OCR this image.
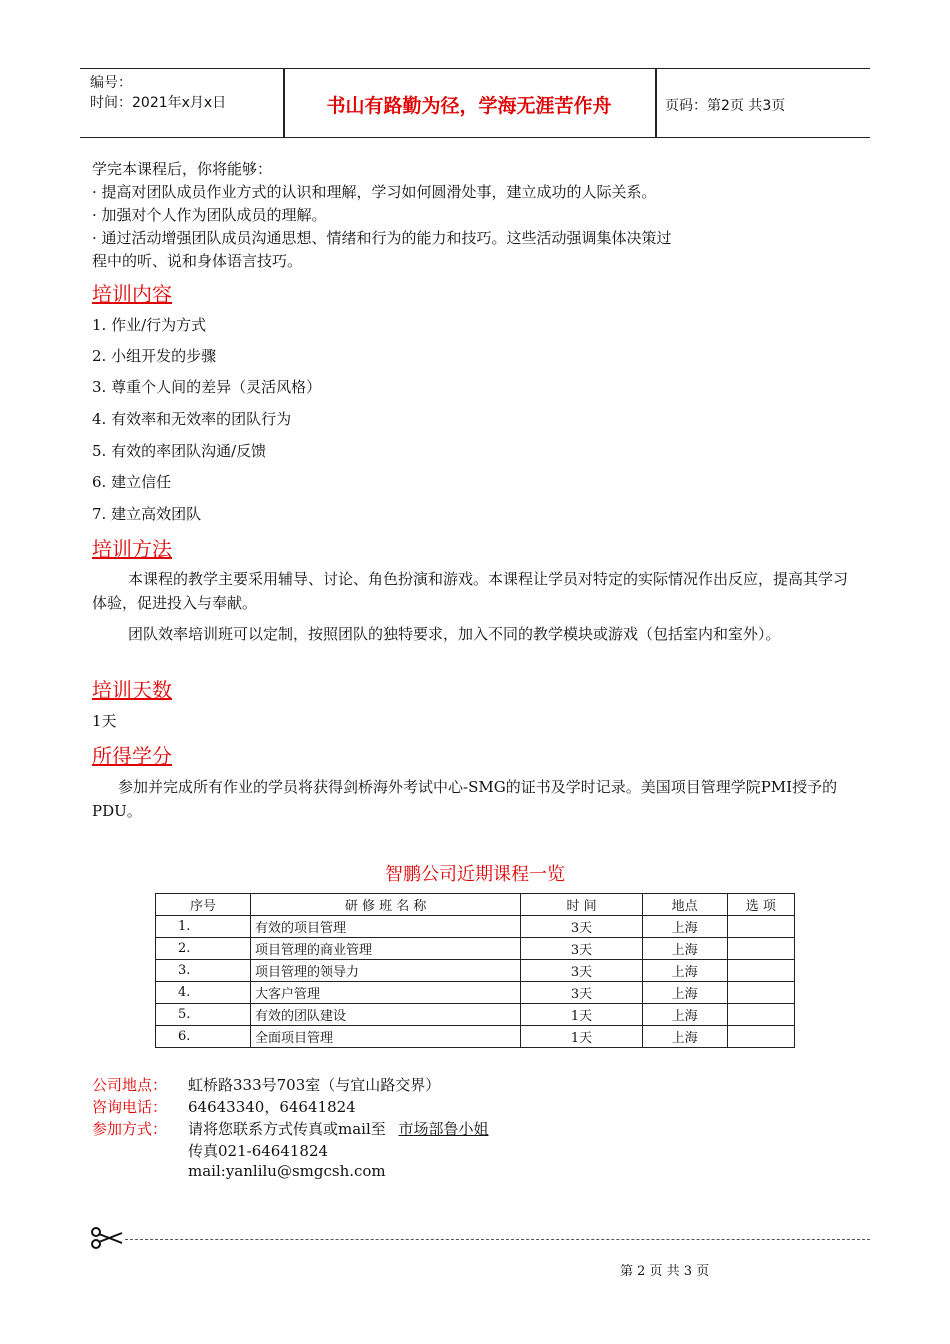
编号：
时间：2021年x月x日	书山有路勤为径，学海无涯苦作舟	页码：第2页 共3页
学完本课程后，你将能够：
· 提高对团队成员作业方式的认识和理解，学习如何圆滑处事，建立成功的人际关系。
· 加强对个人作为团队成员的理解。
· 通过活动增强团队成员沟通思想、情绪和行为的能力和技巧。这些活动强调集体决策过
程中的听、说和身体语言技巧。
培训内容
1. 作业/行为方式
2. 小组开发的步骤
3. 尊重个人间的差异（灵活风格）
4. 有效率和无效率的团队行为
5. 有效的率团队沟通/反馈
6. 建立信任
7. 建立高效团队
培训方法
本课程的教学主要采用辅导、讨论、角色扮演和游戏。本课程让学员对特定的实际情况作出反应，提高其学习体验，促进投入与奉献。
团队效率培训班可以定制，按照团队的独特要求，加入不同的教学模块或游戏（包括室内和室外）。
培训天数
1天
所得学分
参加并完成所有作业的学员将获得剑桥海外考试中心-SMG的证书及学时记录。美国项目管理学院PMI授予的PDU。
智鹏公司近期课程一览
序号	研 修 班 名 称	时 间	地点	选 项
1.	有效的项目管理	3天	上海	
2.	项目管理的商业管理	3天	上海	
3.	项目管理的领导力	3天	上海	
4.	大客户管理	3天	上海	
5.	有效的团队建设	1天	上海	
6.	全面项目管理	1天	上海	
公司地点： 虹桥路333号703室（与宜山路交界）
咨询电话： 64643340，64641824
参加方式： 请将您联系方式传真或mail至 市场部鲁小姐
传真021-64641824
mail:yanlilu@smgcsh.com
第 2 页 共 3 页
